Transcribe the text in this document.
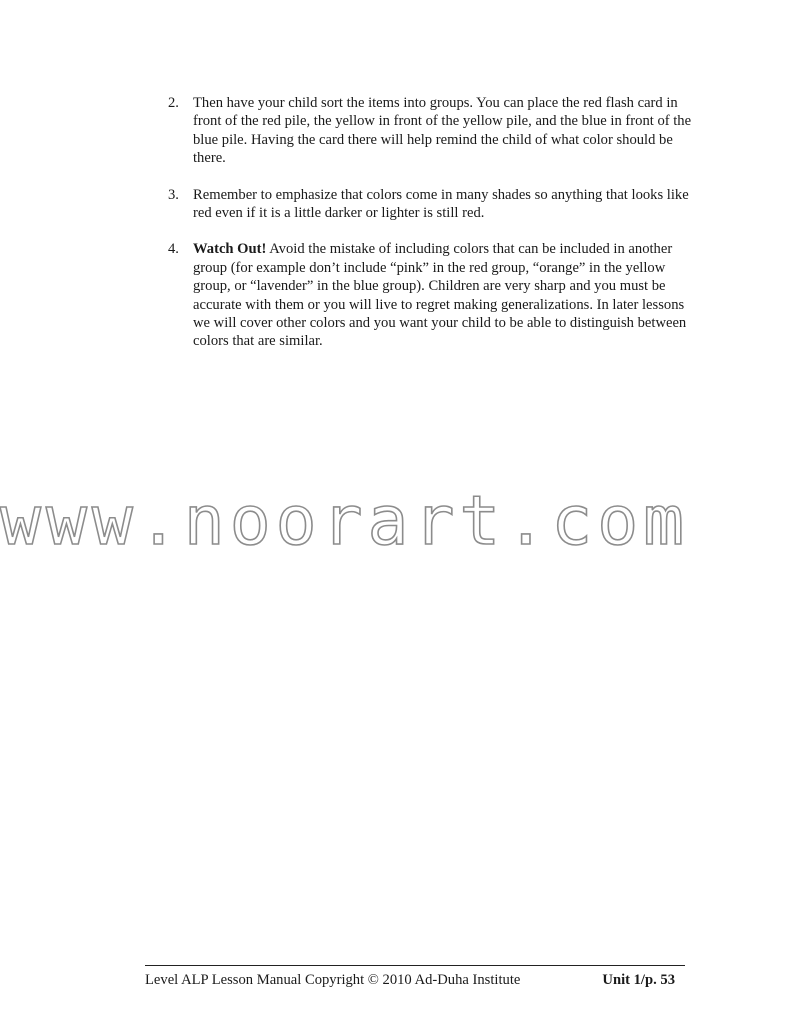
2. Then have your child sort the items into groups. You can place the red flash card in front of the red pile, the yellow in front of the yellow pile, and the blue in front of the blue pile. Having the card there will help remind the child of what color should be there.
3. Remember to emphasize that colors come in many shades so anything that looks like red even if it is a little darker or lighter is still red.
4. Watch Out! Avoid the mistake of including colors that can be included in another group (for example don’t include “pink” in the red group, “orange” in the yellow group, or “lavender” in the blue group). Children are very sharp and you must be accurate with them or you will live to regret making generalizations. In later lessons we will cover other colors and you want your child to be able to distinguish between colors that are similar.
www.noorart.com
Level ALP Lesson Manual Copyright © 2010 Ad-Duha Institute	Unit 1/p. 53
